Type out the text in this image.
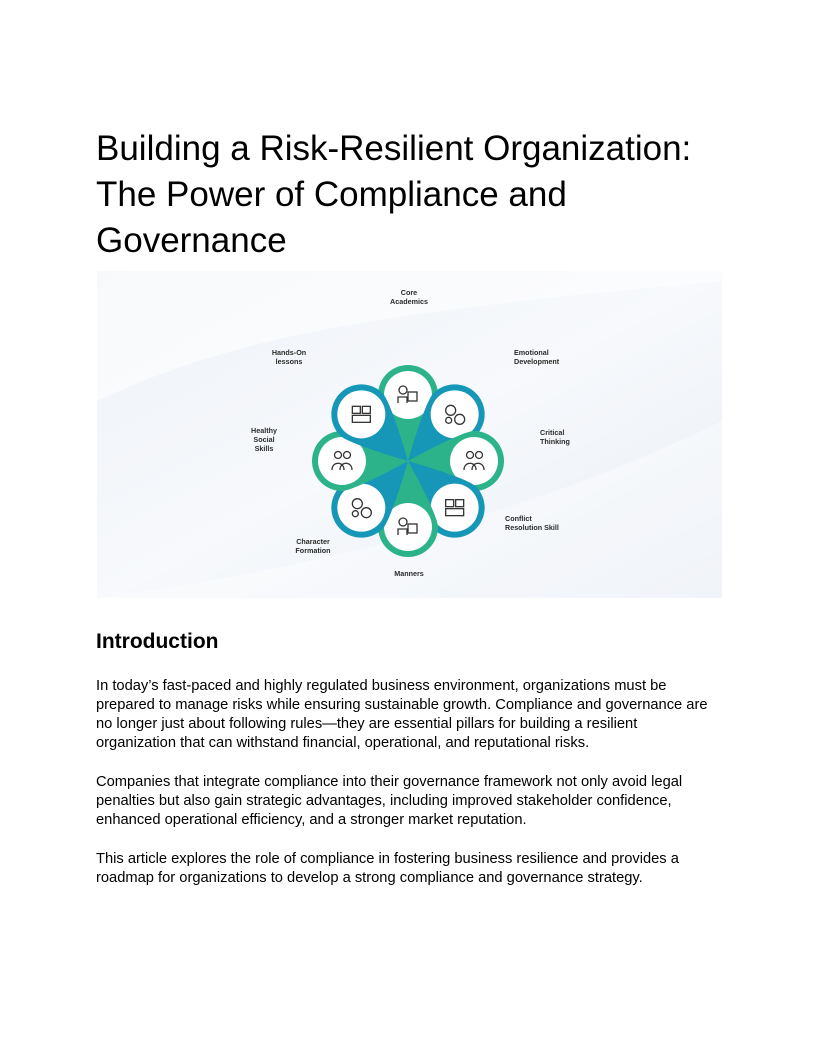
Building a Risk-Resilient Organization:
The Power of Compliance and
Governance
Core Academics
Emotional Development
Critical Thinking
Conflict Resolution Skill
Manners
Character Formation
Healthy Social Skills
Hands-On lessons
Introduction

In today’s fast-paced and highly regulated business environment, organizations must be
prepared to manage risks while ensuring sustainable growth. Compliance and governance are
no longer just about following rules—they are essential pillars for building a resilient
organization that can withstand financial, operational, and reputational risks.

Companies that integrate compliance into their governance framework not only avoid legal
penalties but also gain strategic advantages, including improved stakeholder confidence,
enhanced operational efficiency, and a stronger market reputation.

This article explores the role of compliance in fostering business resilience and provides a
roadmap for organizations to develop a strong compliance and governance strategy.
